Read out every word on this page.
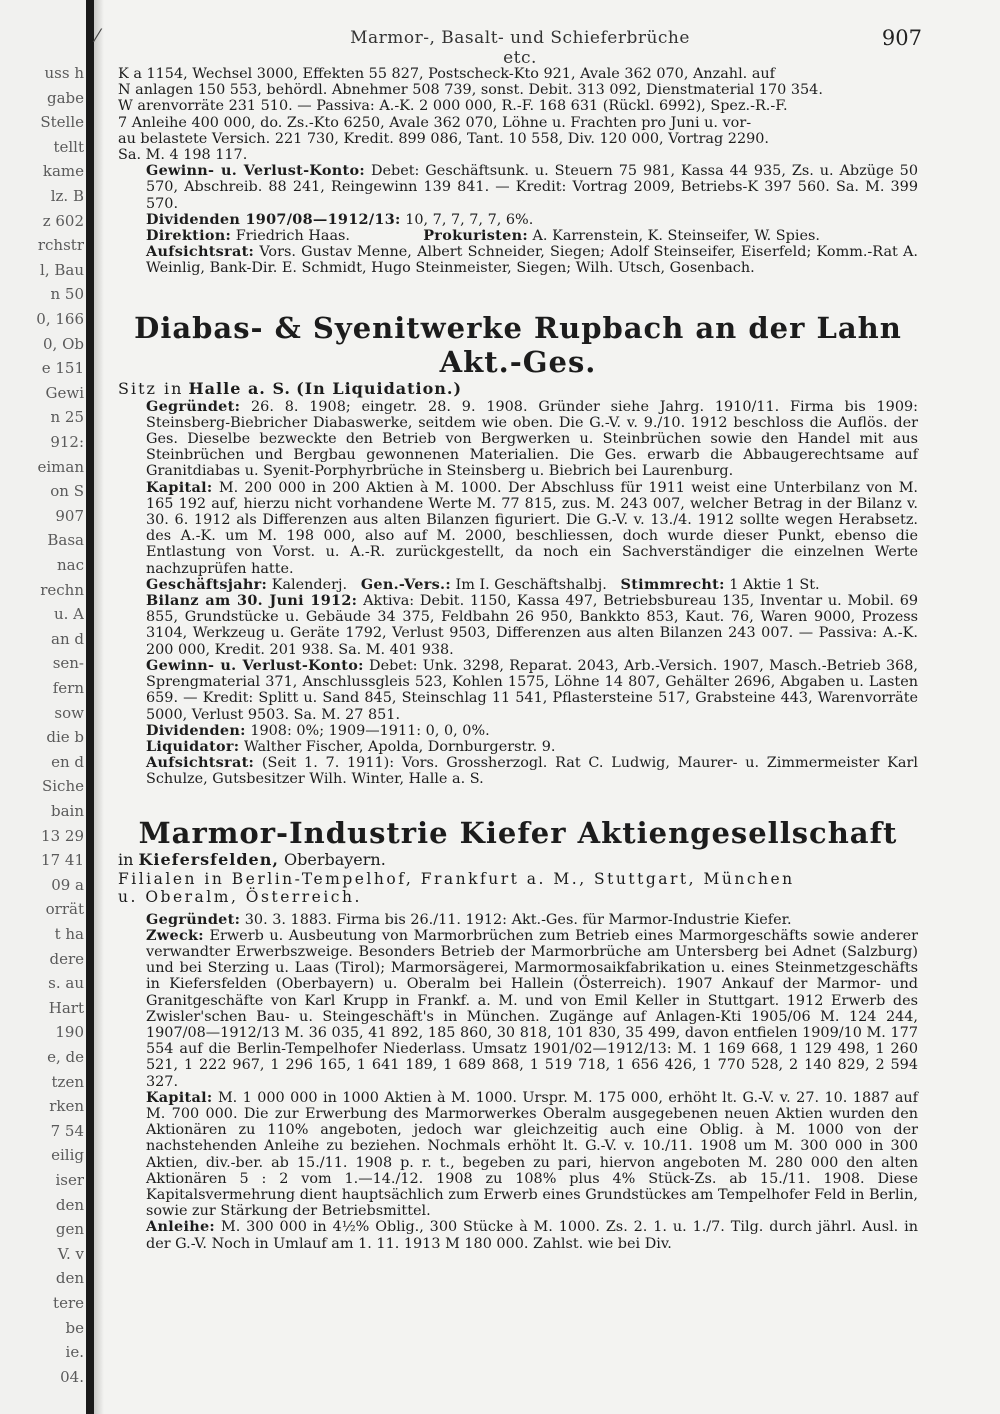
uss h
gabe
Stelle
tellt
kame
lz. B
z 602
rchstr
l, Bau
n 50
0, 166
0, Ob
e 151
Gewi
n 25
912:
eiman
on S
907
Basa
nac
rechn
u. A
an d
sen-
fern
sow
die b
en d
Siche
bain
13 29
17 41
09 a
orrät
t ha
dere
s. au
Hart
190
e, de
tzen
rken
7 54
eilig
iser
den
gen
V. v
den
tere
be
ie.
04.
⁄	Marmor-, Basalt- und Schieferbrüche etc.
907

K a 1154, Wechsel 3000, Effekten 55 827, Postscheck-Kto 921, Avale 362 070, Anzahl. auf

N anlagen 150 553, behördl. Abnehmer 508 739, sonst. Debit. 313 092, Dienstmaterial 170 354.

W arenvorräte 231 510. — Passiva: A.-K. 2 000 000, R.-F. 168 631 (Rückl. 6992), Spez.-R.-F.

7 Anleihe 400 000, do. Zs.-Kto 6250, Avale 362 070, Löhne u. Frachten pro Juni u. vor-

au belastete Versich. 221 730, Kredit. 899 086, Tant. 10 558, Div. 120 000, Vortrag 2290.

Sa. M. 4 198 117.

Gewinn- u. Verlust-Konto: Debet: Geschäftsunk. u. Steuern 75 981, Kassa 44 935, Zs. u. Abzüge 50 570, Abschreib. 88 241, Reingewinn 139 841. — Kredit: Vortrag 2009, Betriebs-K 397 560. Sa. M. 399 570.

Dividenden 1907/08—1912/13: 10, 7, 7, 7, 7, 6%.

Direktion: Friedrich Haas.	Prokuristen: A. Karrenstein, K. Steinseifer, W. Spies.

Aufsichtsrat: Vors. Gustav Menne, Albert Schneider, Siegen; Adolf Steinseifer, Eiserfeld; Komm.-Rat A. Weinlig, Bank-Dir. E. Schmidt, Hugo Steinmeister, Siegen; Wilh. Utsch, Gosenbach.

Diabas- & Syenitwerke Rupbach an der Lahn Akt.-Ges.

Sitz in Halle a. S. (In Liquidation.)

Gegründet: 26. 8. 1908; eingetr. 28. 9. 1908. Gründer siehe Jahrg. 1910/11. Firma bis 1909: Steinsberg-Biebricher Diabaswerke, seitdem wie oben. Die G.-V. v. 9./10. 1912 beschloss die Auflös. der Ges. Dieselbe bezweckte den Betrieb von Bergwerken u. Steinbrüchen sowie den Handel mit aus Steinbrüchen und Bergbau gewonnenen Materialien. Die Ges. erwarb die Abbaugerechtsame auf Granitdiabas u. Syenit-Porphyrbrüche in Steinsberg u. Biebrich bei Laurenburg.

Kapital: M. 200 000 in 200 Aktien à M. 1000. Der Abschluss für 1911 weist eine Unterbilanz von M. 165 192 auf, hierzu nicht vorhandene Werte M. 77 815, zus. M. 243 007, welcher Betrag in der Bilanz v. 30. 6. 1912 als Differenzen aus alten Bilanzen figuriert. Die G.-V. v. 13./4. 1912 sollte wegen Herabsetz. des A.-K. um M. 198 000, also auf M. 2000, beschliessen, doch wurde dieser Punkt, ebenso die Entlastung von Vorst. u. A.-R. zurückgestellt, da noch ein Sachverständiger die einzelnen Werte nachzuprüfen hatte.

Geschäftsjahr: Kalenderj. Gen.-Vers.: Im I. Geschäftshalbj. Stimmrecht: 1 Aktie 1 St.

Bilanz am 30. Juni 1912: Aktiva: Debit. 1150, Kassa 497, Betriebsbureau 135, Inventar u. Mobil. 69 855, Grundstücke u. Gebäude 34 375, Feldbahn 26 950, Bankkto 853, Kaut. 76, Waren 9000, Prozess 3104, Werkzeug u. Geräte 1792, Verlust 9503, Differenzen aus alten Bilanzen 243 007. — Passiva: A.-K. 200 000, Kredit. 201 938. Sa. M. 401 938.

Gewinn- u. Verlust-Konto: Debet: Unk. 3298, Reparat. 2043, Arb.-Versich. 1907, Masch.-Betrieb 368, Sprengmaterial 371, Anschlussgleis 523, Kohlen 1575, Löhne 14 807, Gehälter 2696, Abgaben u. Lasten 659. — Kredit: Splitt u. Sand 845, Steinschlag 11 541, Pflastersteine 517, Grabsteine 443, Warenvorräte 5000, Verlust 9503. Sa. M. 27 851.

Dividenden: 1908: 0%; 1909—1911: 0, 0, 0%.

Liquidator: Walther Fischer, Apolda, Dornburgerstr. 9.

Aufsichtsrat: (Seit 1. 7. 1911): Vors. Grossherzogl. Rat C. Ludwig, Maurer- u. Zimmermeister Karl Schulze, Gutsbesitzer Wilh. Winter, Halle a. S.

Marmor-Industrie Kiefer Aktiengesellschaft

in Kiefersfelden, Oberbayern.

Filialen in Berlin-Tempelhof, Frankfurt a. M., Stuttgart, München

u. Oberalm, Österreich.

Gegründet: 30. 3. 1883. Firma bis 26./11. 1912: Akt.-Ges. für Marmor-Industrie Kiefer.

Zweck: Erwerb u. Ausbeutung von Marmorbrüchen zum Betrieb eines Marmorgeschäfts sowie anderer verwandter Erwerbszweige. Besonders Betrieb der Marmorbrüche am Untersberg bei Adnet (Salzburg) und bei Sterzing u. Laas (Tirol); Marmorsägerei, Marmormosaikfabrikation u. eines Steinmetzgeschäfts in Kiefersfelden (Oberbayern) u. Oberalm bei Hallein (Österreich). 1907 Ankauf der Marmor- und Granitgeschäfte von Karl Krupp in Frankf. a. M. und von Emil Keller in Stuttgart. 1912 Erwerb des Zwisler'schen Bau- u. Steingeschäft's in München. Zugänge auf Anlagen-Kti 1905/06 M. 124 244, 1907/08—1912/13 M. 36 035, 41 892, 185 860, 30 818, 101 830, 35 499, davon entfielen 1909/10 M. 177 554 auf die Berlin-Tempelhofer Niederlass. Umsatz 1901/02—1912/13: M. 1 169 668, 1 129 498, 1 260 521, 1 222 967, 1 296 165, 1 641 189, 1 689 868, 1 519 718, 1 656 426, 1 770 528, 2 140 829, 2 594 327.

Kapital: M. 1 000 000 in 1000 Aktien à M. 1000. Urspr. M. 175 000, erhöht lt. G.-V. v. 27. 10. 1887 auf M. 700 000. Die zur Erwerbung des Marmorwerkes Oberalm ausgegebenen neuen Aktien wurden den Aktionären zu 110% angeboten, jedoch war gleichzeitig auch eine Oblig. à M. 1000 von der nachstehenden Anleihe zu beziehen. Nochmals erhöht lt. G.-V. v. 10./11. 1908 um M. 300 000 in 300 Aktien, div.-ber. ab 15./11. 1908 p. r. t., begeben zu pari, hiervon angeboten M. 280 000 den alten Aktionären 5 : 2 vom 1.—14./12. 1908 zu 108% plus 4% Stück-Zs. ab 15./11. 1908. Diese Kapitalsvermehrung dient hauptsächlich zum Erwerb eines Grundstückes am Tempelhofer Feld in Berlin, sowie zur Stärkung der Betriebsmittel.

Anleihe: M. 300 000 in 4½% Oblig., 300 Stücke à M. 1000. Zs. 2. 1. u. 1./7. Tilg. durch jährl. Ausl. in der G.-V. Noch in Umlauf am 1. 11. 1913 M 180 000. Zahlst. wie bei Div.
